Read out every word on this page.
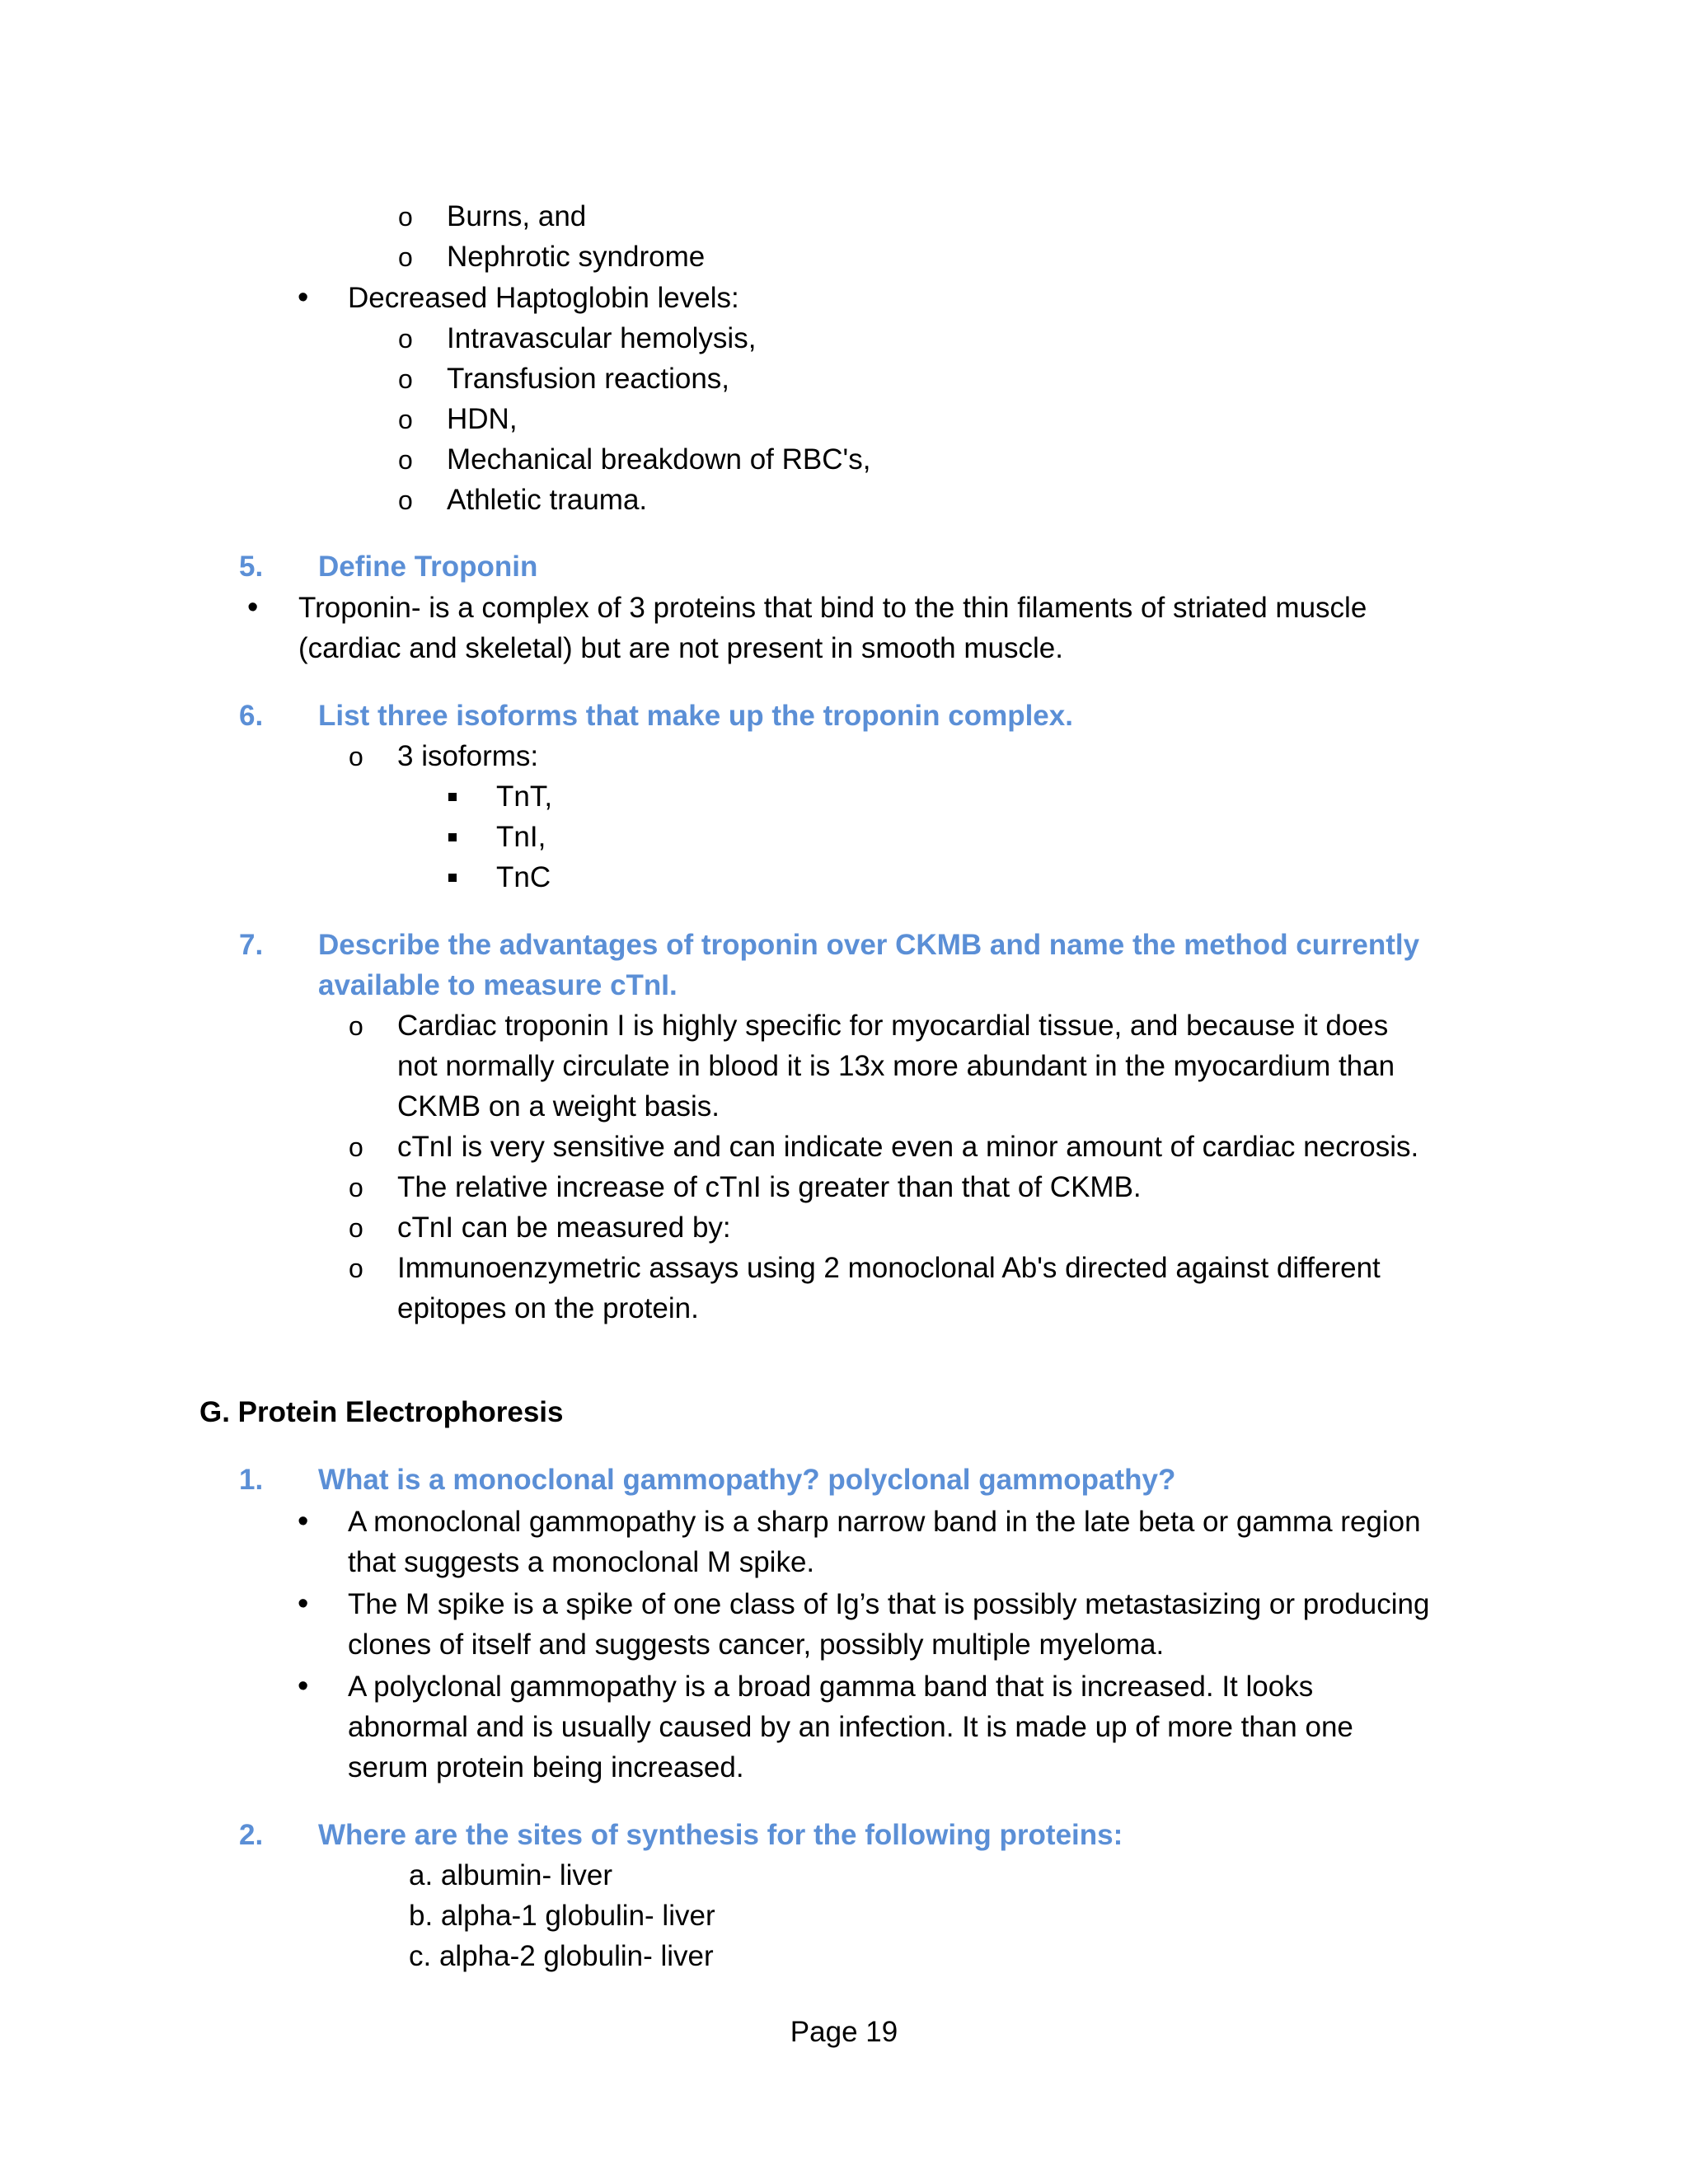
o Burns, and
o Nephrotic syndrome
• Decreased Haptoglobin levels:
o Intravascular hemolysis,
o Transfusion reactions,
o HDN,
o Mechanical breakdown of RBC's,
o Athletic trauma.
5. Define Troponin
• Troponin- is a complex of 3 proteins that bind to the thin filaments of striated muscle
(cardiac and skeletal) but are not present in smooth muscle.
6. List three isoforms that make up the troponin complex.
o 3 isoforms:
TnT,
TnI,
TnC
7. Describe the advantages of troponin over CKMB and name the method currently
available to measure cTnI.
o Cardiac troponin I is highly specific for myocardial tissue, and because it does
not normally circulate in blood it is 13x more abundant in the myocardium than
CKMB on a weight basis.
o cTnI is very sensitive and can indicate even a minor amount of cardiac necrosis.
o The relative increase of cTnI is greater than that of CKMB.
o cTnI can be measured by:
o Immunoenzymetric assays using 2 monoclonal Ab's directed against different
epitopes on the protein.
G. Protein Electrophoresis
1. What is a monoclonal gammopathy? polyclonal gammopathy?
• A monoclonal gammopathy is a sharp narrow band in the late beta or gamma region
that suggests a monoclonal M spike.
• The M spike is a spike of one class of Ig’s that is possibly metastasizing or producing
clones of itself and suggests cancer, possibly multiple myeloma.
• A polyclonal gammopathy is a broad gamma band that is increased. It looks
abnormal and is usually caused by an infection. It is made up of more than one
serum protein being increased.
2. Where are the sites of synthesis for the following proteins:
a. albumin- liver
b. alpha-1 globulin- liver
c. alpha-2 globulin- liver
Page 19
